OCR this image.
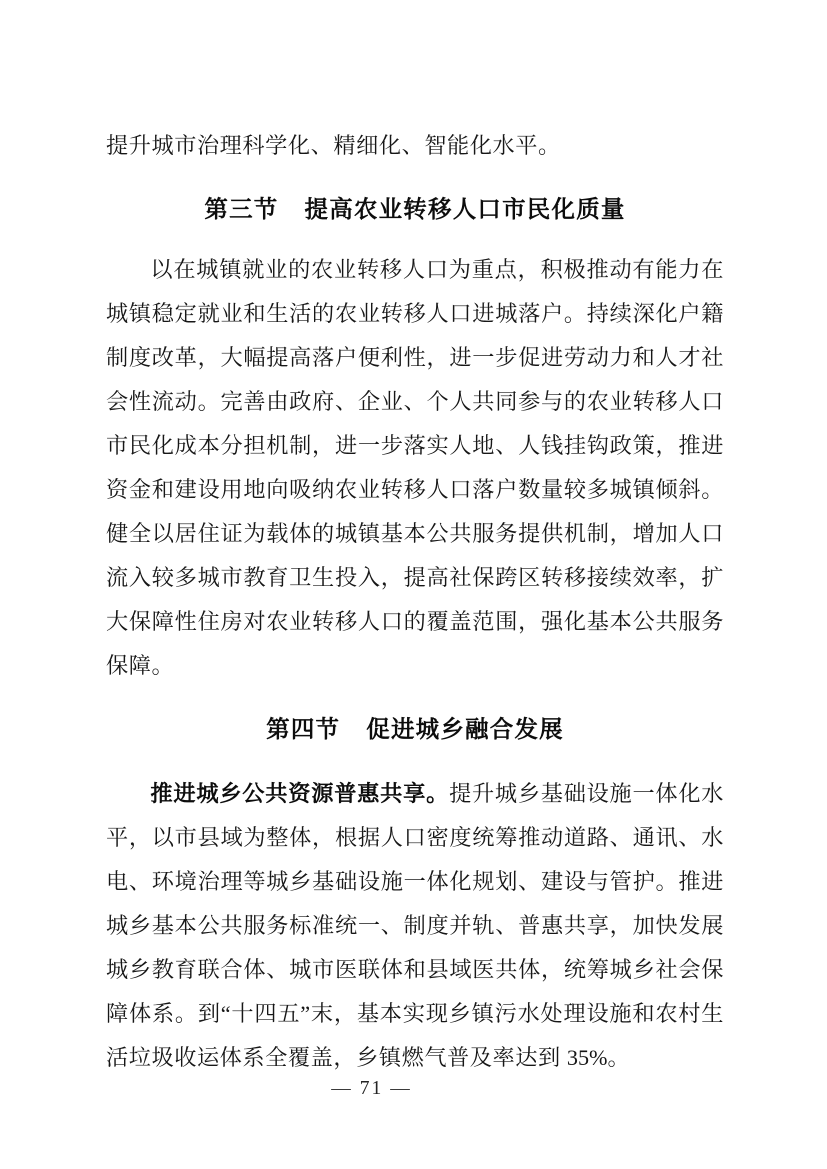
提升城市治理科学化、精细化、智能化水平。

第三节 提高农业转移人口市民化质量

以在城镇就业的农业转移人口为重点，积极推动有能力在城镇稳定就业和生活的农业转移人口进城落户。持续深化户籍制度改革，大幅提高落户便利性，进一步促进劳动力和人才社会性流动。完善由政府、企业、个人共同参与的农业转移人口市民化成本分担机制，进一步落实人地、人钱挂钩政策，推进资金和建设用地向吸纳农业转移人口落户数量较多城镇倾斜。健全以居住证为载体的城镇基本公共服务提供机制，增加人口流入较多城市教育卫生投入，提高社保跨区转移接续效率，扩大保障性住房对农业转移人口的覆盖范围，强化基本公共服务保障。

第四节 促进城乡融合发展

推进城乡公共资源普惠共享。提升城乡基础设施一体化水平，以市县域为整体，根据人口密度统筹推动道路、通讯、水电、环境治理等城乡基础设施一体化规划、建设与管护。推进城乡基本公共服务标准统一、制度并轨、普惠共享，加快发展城乡教育联合体、城市医联体和县域医共体，统筹城乡社会保障体系。到“十四五”末，基本实现乡镇污水处理设施和农村生活垃圾收运体系全覆盖，乡镇燃气普及率达到 35%。

— 71 —
